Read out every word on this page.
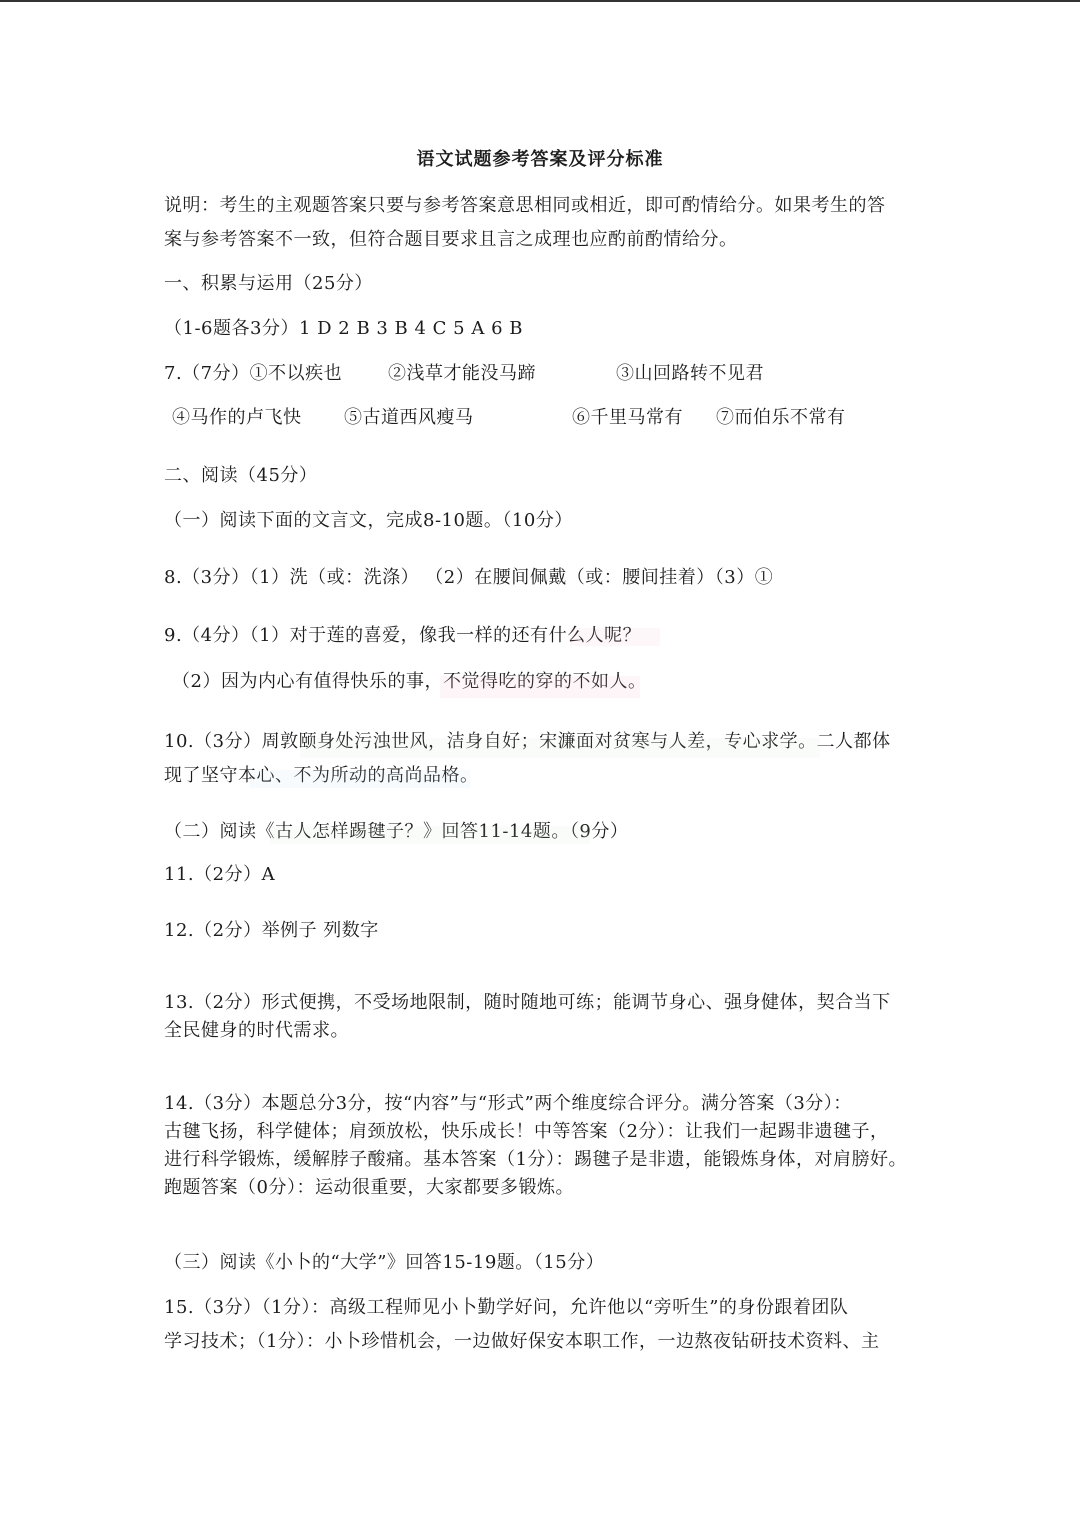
语文试题参考答案及评分标准
说明：考生的主观题答案只要与参考答案意思相同或相近，即可酌情给分。如果考生的答
案与参考答案不一致，但符合题目要求且言之成理也应酌前酌情给分。
一、积累与运用（25分）
（1-6题各3分）1 D 2 B 3 B 4 C 5 A 6 B
7.（7分）①不以疾也	②浅草才能没马蹄	③山回路转不见君
④马作的卢飞快 ⑤古道西风瘦马	⑥千里马常有 ⑦而伯乐不常有
二、阅读（45分）
（一）阅读下面的文言文，完成8-10题。（10分）
8.（3分）（1）洗（或：洗涤） （2）在腰间佩戴（或：腰间挂着）（3）①
9.（4分）（1）对于莲的喜爱，像我一样的还有什么人呢？
（2）因为内心有值得快乐的事，不觉得吃的穿的不如人。
10.（3分）周敦颐身处污浊世风，洁身自好；宋濂面对贫寒与人差，专心求学。二人都体
现了坚守本心、不为所动的高尚品格。
（二）阅读《古人怎样踢毽子？》回答11-14题。（9分）
11.（2分）A
12.（2分）举例子 列数字
13.（2分）形式便携，不受场地限制，随时随地可练；能调节身心、强身健体，契合当下
全民健身的时代需求。
14.（3分）本题总分3分，按“内容”与“形式”两个维度综合评分。满分答案（3分）：
古毽飞扬，科学健体；肩颈放松，快乐成长！中等答案（2分）：让我们一起踢非遗毽子，
进行科学锻炼，缓解脖子酸痛。基本答案（1分）：踢毽子是非遗，能锻炼身体，对肩膀好。
跑题答案（0分）：运动很重要，大家都要多锻炼。
（三）阅读《小卜的“大学”》回答15-19题。（15分）
15.（3分）（1分）：高级工程师见小卜勤学好问，允许他以“旁听生”的身份跟着团队
学习技术；（1分）：小卜珍惜机会，一边做好保安本职工作，一边熬夜钻研技术资料、主
